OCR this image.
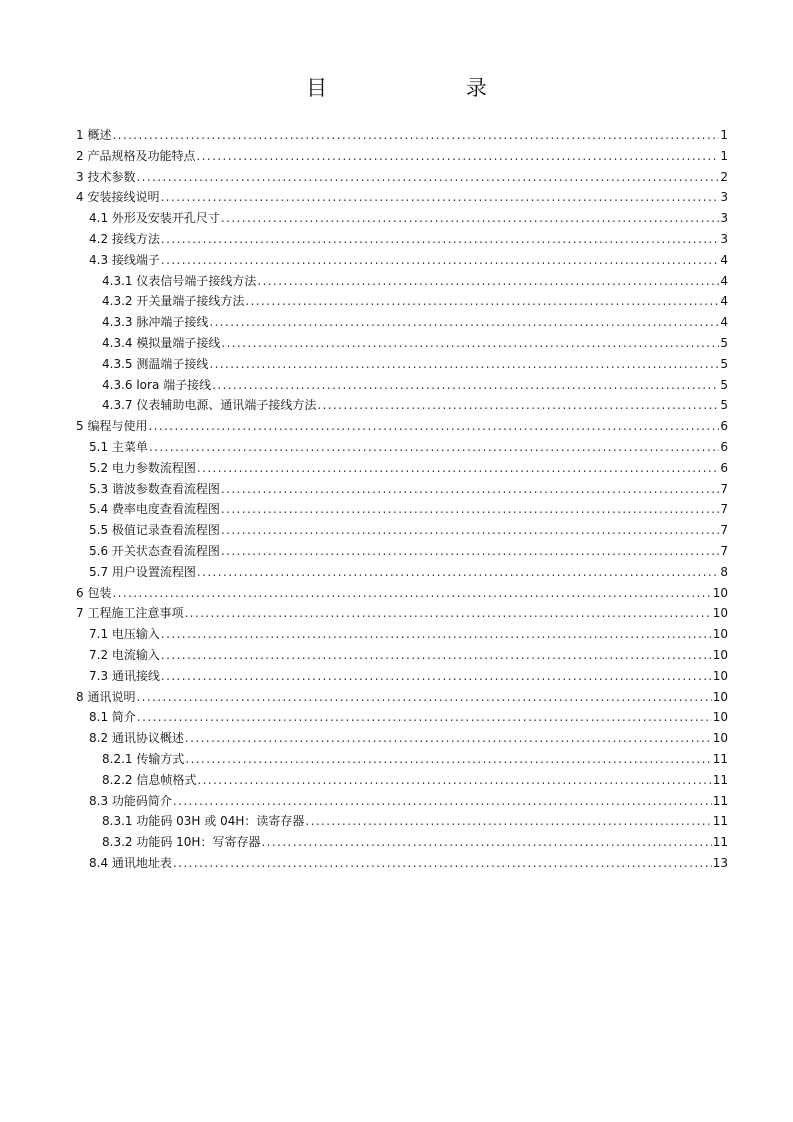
目 录
1 概述 .....	1
2 产品规格及功能特点 .....	1
3 技术参数 .....	2
4 安装接线说明 .....	3
4.1 外形及安装开孔尺寸 .....	3
4.2 接线方法 .....	3
4.3 接线端子 .....	4
4.3.1 仪表信号端子接线方法 .....	4
4.3.2 开关量端子接线方法 .....	4
4.3.3 脉冲端子接线 .....	4
4.3.4 模拟量端子接线 .....	5
4.3.5 测温端子接线 .....	5
4.3.6 lora 端子接线 .....	5
4.3.7 仪表辅助电源、通讯端子接线方法 .....	5
5 编程与使用 .....	6
5.1 主菜单 .....	6
5.2 电力参数流程图 .....	6
5.3 谐波参数查看流程图 .....	7
5.4 费率电度查看流程图 .....	7
5.5 极值记录查看流程图 .....	7
5.6 开关状态查看流程图 .....	7
5.7 用户设置流程图 .....	8
6 包装 .....	10
7 工程施工注意事项 .....	10
7.1 电压输入 .....	10
7.2 电流输入 .....	10
7.3 通讯接线 .....	10
8 通讯说明 .....	10
8.1 简介 .....	10
8.2 通讯协议概述 .....	10
8.2.1 传输方式 .....	11
8.2.2 信息帧格式 .....	11
8.3 功能码简介 .....	11
8.3.1 功能码 03H 或 04H：读寄存器 .....	11
8.3.2 功能码 10H：写寄存器 .....	11
8.4 通讯地址表 .....	13
